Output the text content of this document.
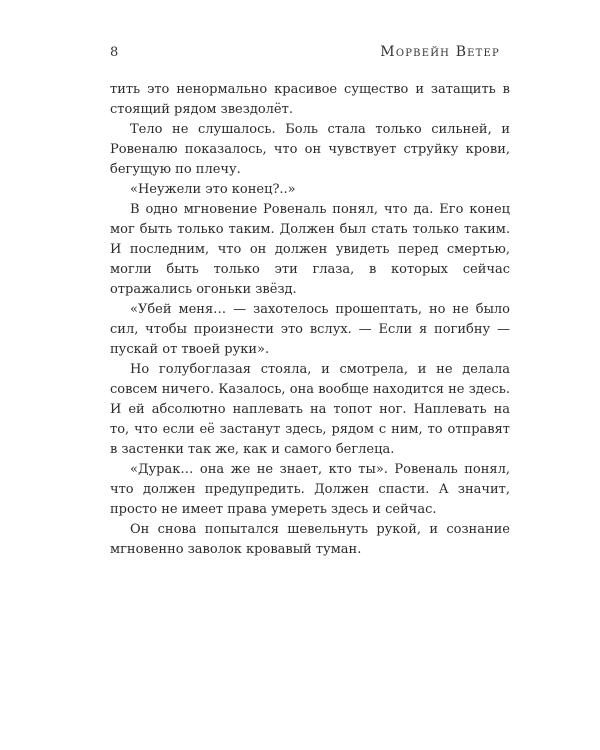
8	Морвейн Ветер

тить это ненормально красивое существо и затащить в стоящий рядом звездолёт.

Тело не слушалось. Боль стала только сильней, и Ровеналю показалось, что он чувствует струйку крови, бегущую по плечу.

«Неужели это конец?..»

В одно мгновение Ровеналь понял, что да. Его конец мог быть только таким. Должен был стать только таким. И последним, что он должен увидеть перед смертью, могли быть только эти глаза, в которых сейчас отражались огоньки звёзд.

«Убей меня… — захотелось прошептать, но не было сил, чтобы произнести это вслух. — Если я погибну — пускай от твоей руки».

Но голубоглазая стояла, и смотрела, и не делала совсем ничего. Казалось, она вообще находится не здесь. И ей абсолютно наплевать на топот ног. Наплевать на то, что если её застанут здесь, рядом с ним, то отправят в застенки так же, как и самого беглеца.

«Дурак… она же не знает, кто ты». Ровеналь понял, что должен предупредить. Должен спасти. А значит, просто не имеет права умереть здесь и сейчас.

Он снова попытался шевельнуть рукой, и сознание мгновенно заволок кровавый туман.
